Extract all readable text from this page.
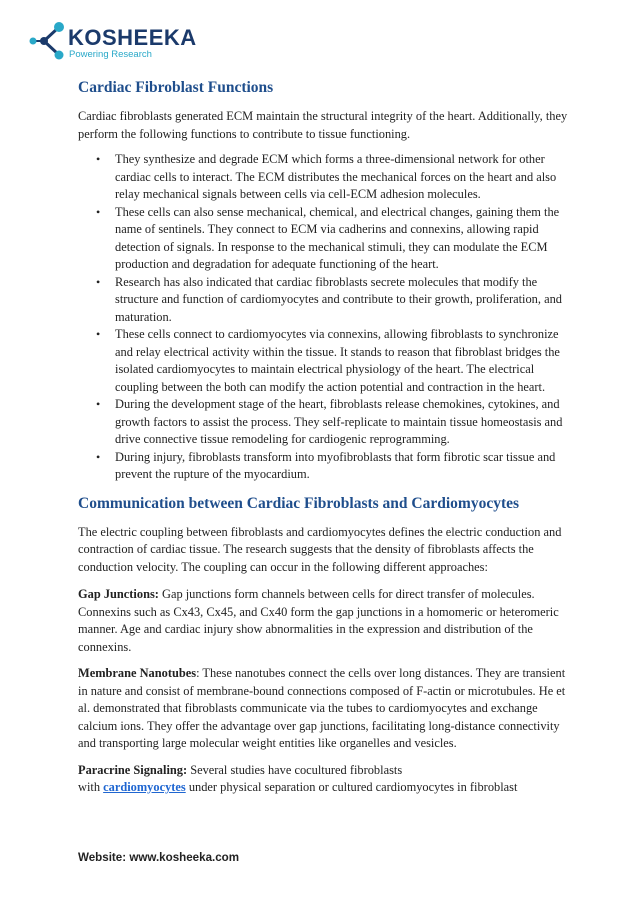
KOSHEEKA
Powering Research
Cardiac Fibroblast Functions

Cardiac fibroblasts generated ECM maintain the structural integrity of the heart. Additionally, they perform the following functions to contribute to tissue functioning.

• They synthesize and degrade ECM which forms a three-dimensional network for other cardiac cells to interact. The ECM distributes the mechanical forces on the heart and also relay mechanical signals between cells via cell-ECM adhesion molecules.
• These cells can also sense mechanical, chemical, and electrical changes, gaining them the name of sentinels. They connect to ECM via cadherins and connexins, allowing rapid detection of signals. In response to the mechanical stimuli, they can modulate the ECM production and degradation for adequate functioning of the heart.
• Research has also indicated that cardiac fibroblasts secrete molecules that modify the structure and function of cardiomyocytes and contribute to their growth, proliferation, and maturation.
• These cells connect to cardiomyocytes via connexins, allowing fibroblasts to synchronize and relay electrical activity within the tissue. It stands to reason that fibroblast bridges the isolated cardiomyocytes to maintain electrical physiology of the heart. The electrical coupling between the both can modify the action potential and contraction in the heart.
• During the development stage of the heart, fibroblasts release chemokines, cytokines, and growth factors to assist the process. They self-replicate to maintain tissue homeostasis and drive connective tissue remodeling for cardiogenic reprogramming.
• During injury, fibroblasts transform into myofibroblasts that form fibrotic scar tissue and prevent the rupture of the myocardium.
Communication between Cardiac Fibroblasts and Cardiomyocytes

The electric coupling between fibroblasts and cardiomyocytes defines the electric conduction and contraction of cardiac tissue. The research suggests that the density of fibroblasts affects the conduction velocity. The coupling can occur in the following different approaches:

Gap Junctions: Gap junctions form channels between cells for direct transfer of molecules. Connexins such as Cx43, Cx45, and Cx40 form the gap junctions in a homomeric or heteromeric manner. Age and cardiac injury show abnormalities in the expression and distribution of the connexins.

Membrane Nanotubes: These nanotubes connect the cells over long distances. They are transient in nature and consist of membrane-bound connections composed of F-actin or microtubules. He et al. demonstrated that fibroblasts communicate via the tubes to cardiomyocytes and exchange calcium ions. They offer the advantage over gap junctions, facilitating long-distance connectivity and transporting large molecular weight entities like organelles and vesicles.

Paracrine Signaling: Several studies have cocultured fibroblasts
with cardiomyocytes under physical separation or cultured cardiomyocytes in fibroblast

Website: www.kosheeka.com
